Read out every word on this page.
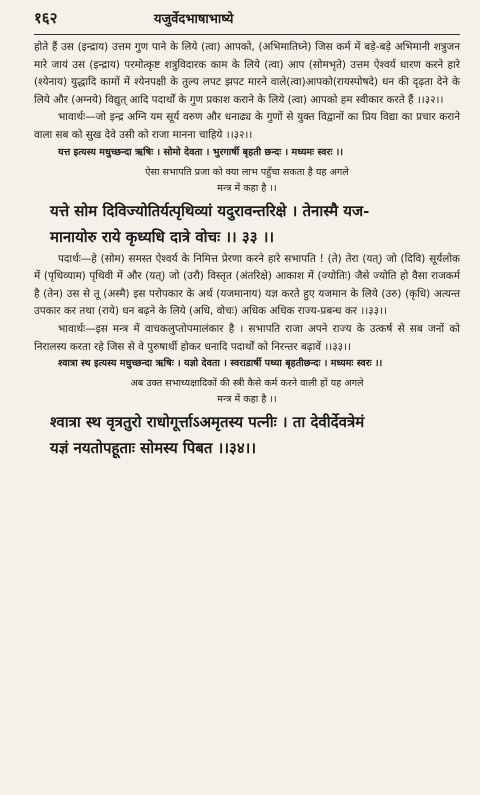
१६२	यजुर्वेदभाषाभाष्ये

होते हैं उस (इन्द्राय) उत्तम गुण पाने के लिये (त्वा) आपको, (अभिमातिघ्ने) जिस कर्म में बड़े-बड़े अभिमानी शत्रुजन मारे जायं उस (इन्द्राय) परमोत्कृष्ट शत्रुविदारक काम के लिये (त्वा) आप (सोमभृते) उत्तम ऐश्वर्य धारण करने हारे (श्येनाय) युद्धादि कामों में श्येनपक्षी के तुल्य लपट झपट मारने वाले(त्वा)आपको(रायस्पोषदे) धन की दृढ़ता देने के लिये और (अग्नये) विद्युत् आदि पदार्थों के गुण प्रकाश कराने के लिये (त्वा) आपको हम स्वीकार करते हैं ।।३२।।

भावार्थः—जो इन्द्र अग्नि यम सूर्य वरुण और धनाढ्य के गुणों से युक्त विद्वानों का प्रिय विद्या का प्रचार कराने वाला सब को सुख देवे उसी को राजा मानना चाहिये ।।३२।।

यत्त इत्यस्य मधुच्छन्दा ऋषिः । सोमो देवता । भुरगार्षी बृहती छन्दः । मध्यमः स्वरः ।।

ऐसा सभापति प्रजा को क्या लाभ पहुँचा सकता है यह अगले

मन्त्र में कहा है ।।

यत्ते सोम दिविज्योतिर्यत्पृथिव्यां यदुरावन्तरिक्षे । तेनास्मै यज-

मानायोरु राये कृध्यधि दात्रे वोचः ।। ३३ ।।

पदार्थः—हे (सोम) समस्त ऐश्वर्य के निमित्त प्रेरणा करने हारे सभापति ! (ते) तेरा (यत्) जो (दिवि) सूर्यलोक में (पृथिव्याम) पृथिवी में और (यत्) जो (उरौ) विस्तृत (अंतरिक्षे) आकाश में (ज्योतिः) जैसे ज्योति हो वैसा राजकर्म है (तेन) उस से तू (अस्मै) इस परोपकार के अर्थ (यजमानाय) यज्ञ करते हुए यजमान के लिये (उरु) (कृधि) अत्यन्त उपकार कर तथा (राये) धन बढ़ने के लिये (अधि, वोचः) अधिक अधिक राज्य-प्रबन्ध कर ।।३३।।

भावार्थः—इस मन्त्र में वाचकलुप्तोपमालंकार है । सभापति राजा अपने राज्य के उत्कर्ष से सब जनों को निरालस्य करता रहे जिस से वे पुरुषार्थी होकर धनादि पदार्थों को निरन्तर बढ़ावें ।।३३।।

श्वात्रा स्थ इत्यस्य मधुच्छन्दा ऋषिः । यज्ञो देवता । स्वराडार्षी पथ्या बृहतीछन्दः । मध्यमः स्वरः ।।

अब उक्त सभाध्यक्षादिकों की स्त्री कैसे कर्म करने वाली हों यह अगले

मन्त्र में कहा है ।।

श्वात्रा स्थ वृत्रतुरो राधोगूर्त्ताऽअमृतस्य पत्नीः । ता देवीर्देवत्रेमं

यज्ञं नयतोपहूताः सोमस्य पिबत ।।३४।।
